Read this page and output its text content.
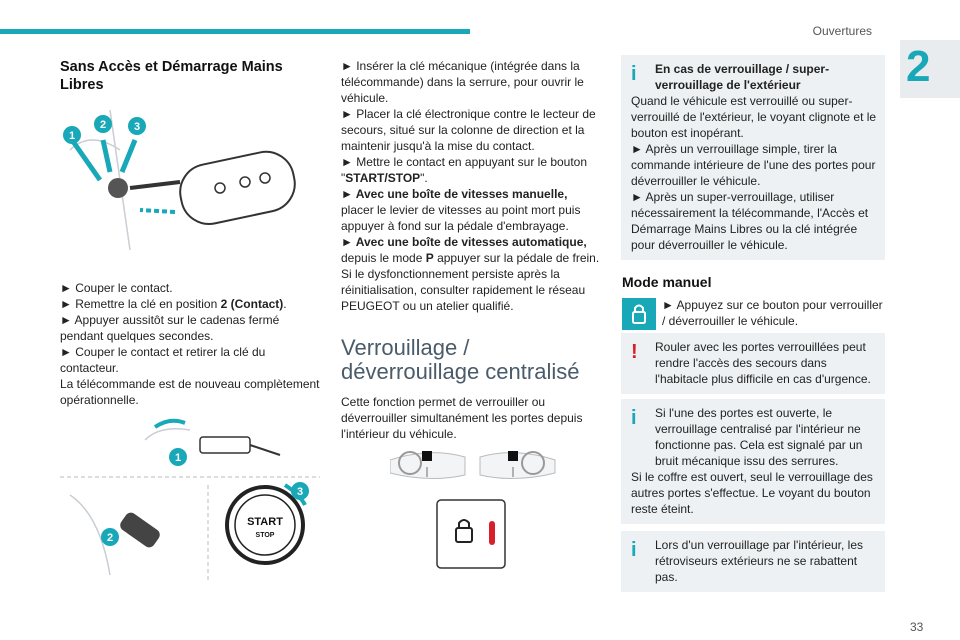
Ouvertures
2
33

Sans Accès et Démarrage Mains Libres

1
2	3

► Couper le contact.

► Remettre la clé en position 2 (Contact).

► Appuyer aussitôt sur le cadenas fermé pendant quelques secondes.

► Couper le contact et retirer la clé du contacteur.

La télécommande est de nouveau complètement opérationnelle.

1
2
START
STOP
3

► Insérer la clé mécanique (intégrée dans la télécommande) dans la serrure, pour ouvrir le véhicule.

► Placer la clé électronique contre le lecteur de secours, situé sur la colonne de direction et la maintenir jusqu'à la mise du contact.

► Mettre le contact en appuyant sur le bouton "START/STOP".

► Avec une boîte de vitesses manuelle, placer le levier de vitesses au point mort puis appuyer à fond sur la pédale d'embrayage.

► Avec une boîte de vitesses automatique, depuis le mode P appuyer sur la pédale de frein.

Si le dysfonctionnement persiste après la réinitialisation, consulter rapidement le réseau PEUGEOT ou un atelier qualifié.

Verrouillage /

déverrouillage centralisé

Cette fonction permet de verrouiller ou déverrouiller simultanément les portes depuis l'intérieur du véhicule.

i	En cas de verrouillage / super-verrouillage de l'extérieur

Quand le véhicule est verrouillé ou super-verrouillé de l'extérieur, le voyant clignote et le bouton est inopérant.

► Après un verrouillage simple, tirer la commande intérieure de l'une des portes pour déverrouiller le véhicule.

► Après un super-verrouillage, utiliser nécessairement la télécommande, l'Accès et Démarrage Mains Libres ou la clé intégrée pour déverrouiller le véhicule.

Mode manuel

► Appuyez sur ce bouton pour verrouiller / déverrouiller le véhicule.

!	Rouler avec les portes verrouillées peut rendre l'accès des secours dans l'habitacle plus difficile en cas d'urgence.

i	Si l'une des portes est ouverte, le verrouillage centralisé par l'intérieur ne fonctionne pas. Cela est signalé par un bruit mécanique issu des serrures.

Si le coffre est ouvert, seul le verrouillage des autres portes s'effectue. Le voyant du bouton reste éteint.

i	Lors d'un verrouillage par l'intérieur, les rétroviseurs extérieurs ne se rabattent pas.
